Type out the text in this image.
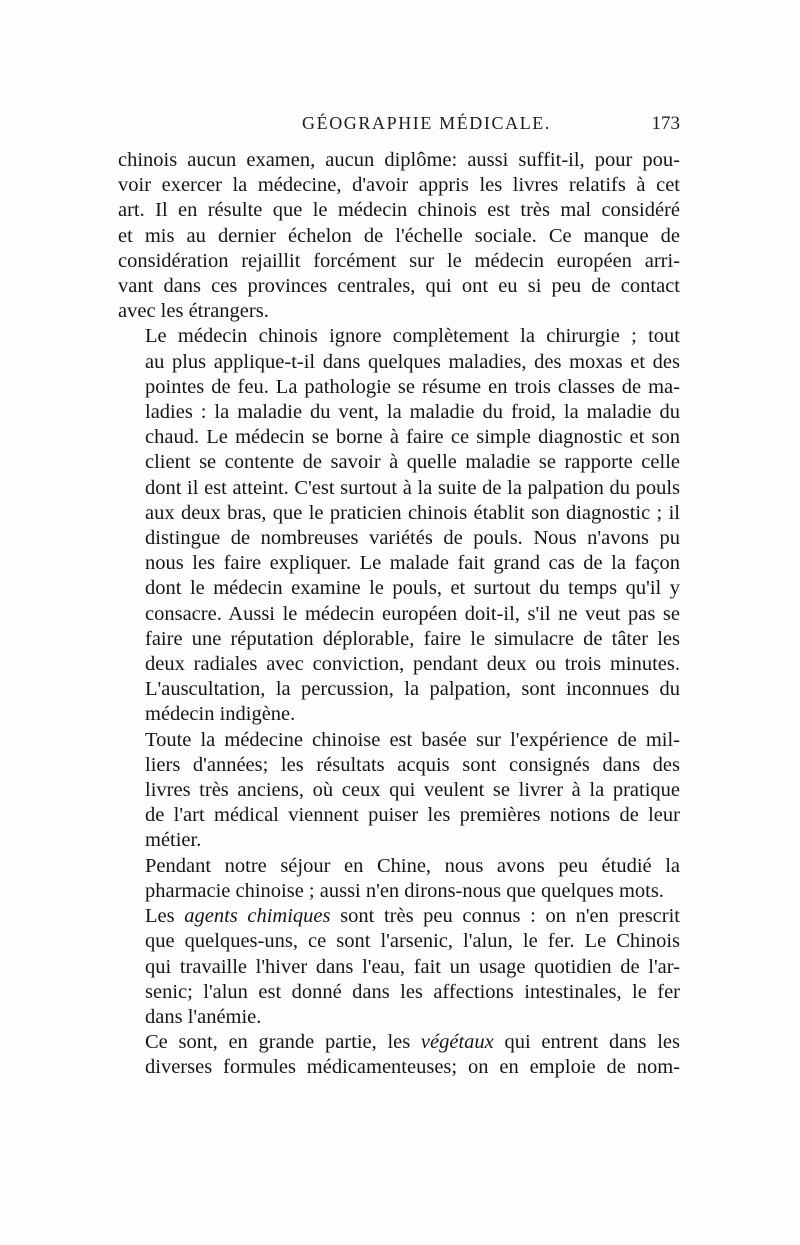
GÉOGRAPHIE MÉDICALE.	173

chinois aucun examen, aucun diplôme: aussi suffit-il, pour pou-
voir exercer la médecine, d'avoir appris les livres relatifs à cet
art. Il en résulte que le médecin chinois est très mal considéré
et mis au dernier échelon de l'échelle sociale. Ce manque de
considération rejaillit forcément sur le médecin européen arri-
vant dans ces provinces centrales, qui ont eu si peu de contact
avec les étrangers.

Le médecin chinois ignore complètement la chirurgie ; tout
au plus applique-t-il dans quelques maladies, des moxas et des
pointes de feu. La pathologie se résume en trois classes de ma-
ladies : la maladie du vent, la maladie du froid, la maladie du
chaud. Le médecin se borne à faire ce simple diagnostic et son
client se contente de savoir à quelle maladie se rapporte celle
dont il est atteint. C'est surtout à la suite de la palpation du pouls
aux deux bras, que le praticien chinois établit son diagnostic ; il
distingue de nombreuses variétés de pouls. Nous n'avons pu
nous les faire expliquer. Le malade fait grand cas de la façon
dont le médecin examine le pouls, et surtout du temps qu'il y
consacre. Aussi le médecin européen doit-il, s'il ne veut pas se
faire une réputation déplorable, faire le simulacre de tâter les
deux radiales avec conviction, pendant deux ou trois minutes.
L'auscultation, la percussion, la palpation, sont inconnues du
médecin indigène.

Toute la médecine chinoise est basée sur l'expérience de mil-
liers d'années; les résultats acquis sont consignés dans des
livres très anciens, où ceux qui veulent se livrer à la pratique
de l'art médical viennent puiser les premières notions de leur
métier.

Pendant notre séjour en Chine, nous avons peu étudié la
pharmacie chinoise ; aussi n'en dirons-nous que quelques mots.

Les agents chimiques sont très peu connus : on n'en prescrit
que quelques-uns, ce sont l'arsenic, l'alun, le fer. Le Chinois
qui travaille l'hiver dans l'eau, fait un usage quotidien de l'ar-
senic; l'alun est donné dans les affections intestinales, le fer
dans l'anémie.

Ce sont, en grande partie, les végétaux qui entrent dans les
diverses formules médicamenteuses; on en emploie de nom-
